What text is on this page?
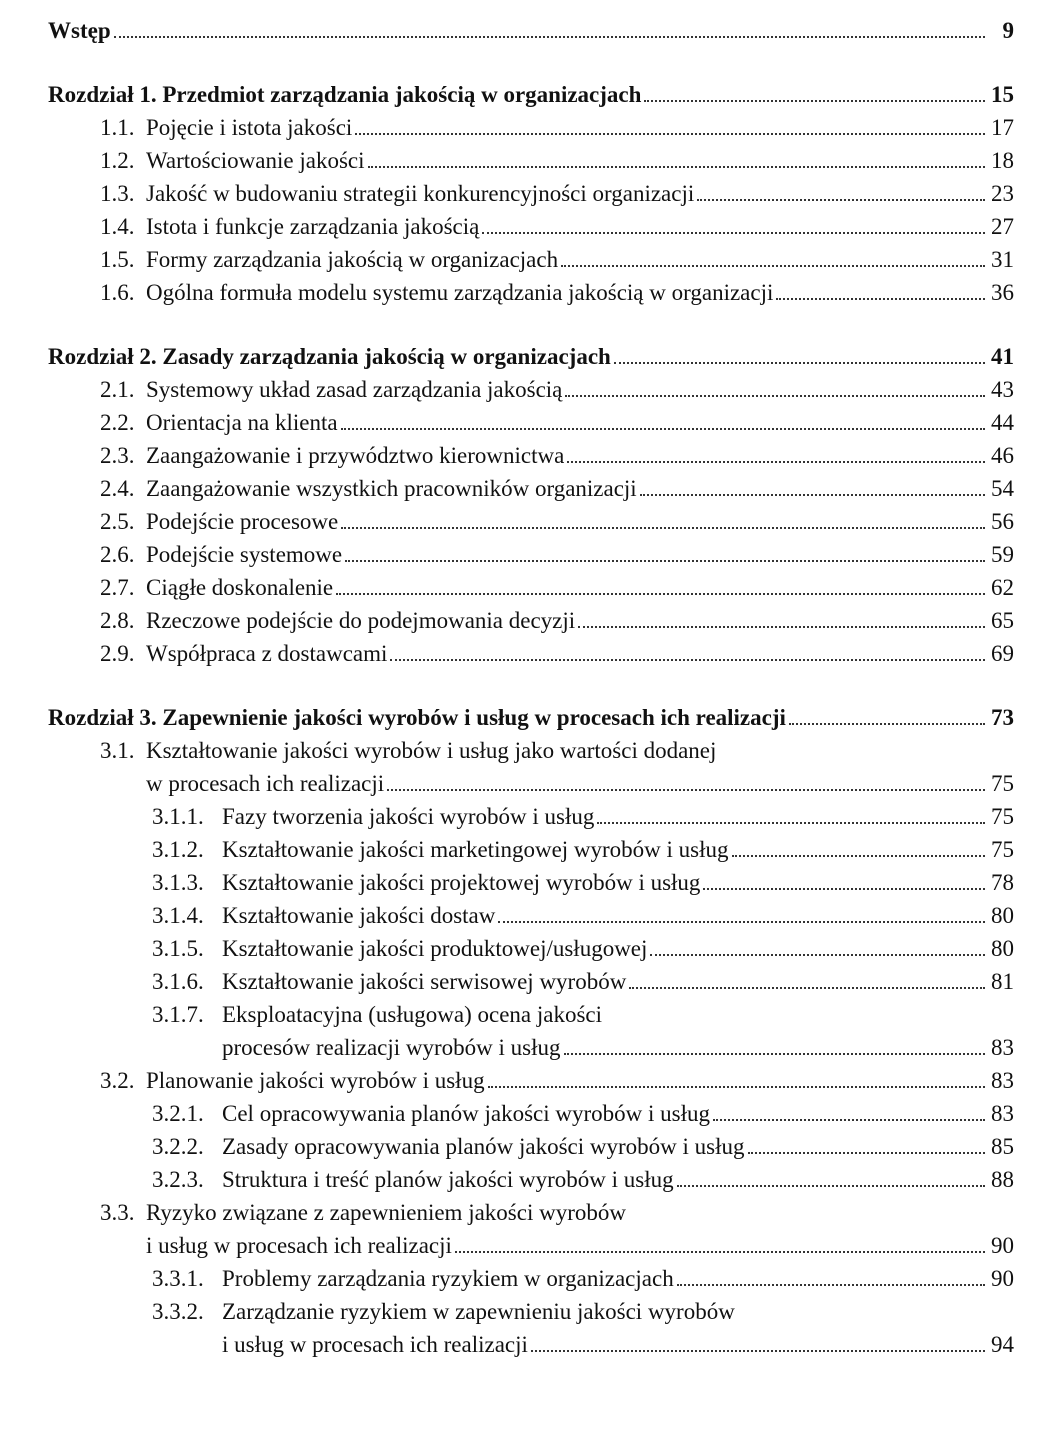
Wstęp	9
Rozdział 1. Przedmiot zarządzania jakością w organizacjach	15
1.1. Pojęcie i istota jakości	17
1.2. Wartościowanie jakości	18
1.3. Jakość w budowaniu strategii konkurencyjności organizacji	23
1.4. Istota i funkcje zarządzania jakością	27
1.5. Formy zarządzania jakością w organizacjach	31
1.6. Ogólna formuła modelu systemu zarządzania jakością w organizacji	36
Rozdział 2. Zasady zarządzania jakością w organizacjach	41
2.1. Systemowy układ zasad zarządzania jakością	43
2.2. Orientacja na klienta	44
2.3. Zaangażowanie i przywództwo kierownictwa	46
2.4. Zaangażowanie wszystkich pracowników organizacji	54
2.5. Podejście procesowe	56
2.6. Podejście systemowe	59
2.7. Ciągłe doskonalenie	62
2.8. Rzeczowe podejście do podejmowania decyzji	65
2.9. Współpraca z dostawcami	69
Rozdział 3. Zapewnienie jakości wyrobów i usług w procesach ich realizacji	73
3.1. Kształtowanie jakości wyrobów i usług jako wartości dodanej
w procesach ich realizacji	75
3.1.1. Fazy tworzenia jakości wyrobów i usług	75
3.1.2. Kształtowanie jakości marketingowej wyrobów i usług	75
3.1.3. Kształtowanie jakości projektowej wyrobów i usług	78
3.1.4. Kształtowanie jakości dostaw	80
3.1.5. Kształtowanie jakości produktowej/usługowej	80
3.1.6. Kształtowanie jakości serwisowej wyrobów	81
3.1.7. Eksploatacyjna (usługowa) ocena jakości
procesów realizacji wyrobów i usług	83
3.2. Planowanie jakości wyrobów i usług	83
3.2.1. Cel opracowywania planów jakości wyrobów i usług	83
3.2.2. Zasady opracowywania planów jakości wyrobów i usług	85
3.2.3. Struktura i treść planów jakości wyrobów i usług	88
3.3. Ryzyko związane z zapewnieniem jakości wyrobów
i usług w procesach ich realizacji	90
3.3.1. Problemy zarządzania ryzykiem w organizacjach	90
3.3.2. Zarządzanie ryzykiem w zapewnieniu jakości wyrobów
i usług w procesach ich realizacji	94
